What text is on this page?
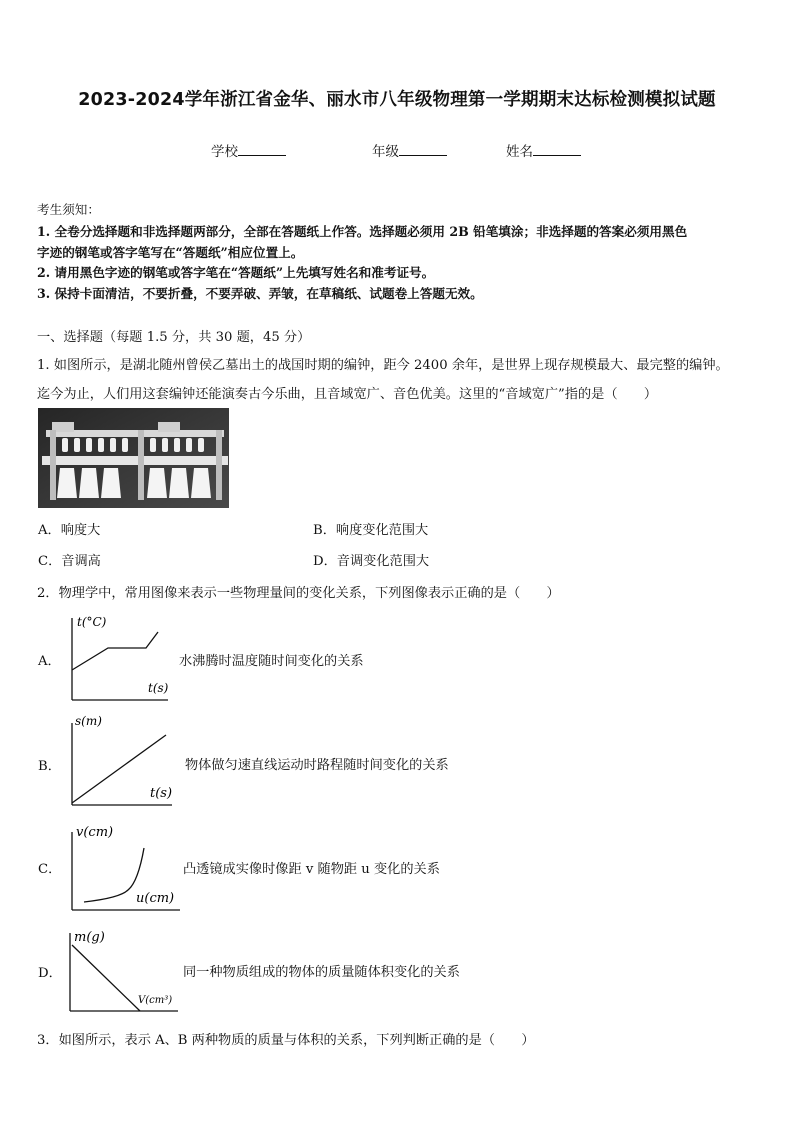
2023-2024学年浙江省金华、丽水市八年级物理第一学期期末达标检测模拟试题
学校	年级	姓名
考生须知：
1. 全卷分选择题和非选择题两部分，全部在答题纸上作答。选择题必须用 2B 铅笔填涂；非选择题的答案必须用黑色
字迹的钢笔或答字笔写在“答题纸”相应位置上。
2. 请用黑色字迹的钢笔或答字笔在“答题纸”上先填写姓名和准考证号。
3. 保持卡面清洁，不要折叠，不要弄破、弄皱，在草稿纸、试题卷上答题无效。
一、选择题（每题 1.5 分，共 30 题，45 分）
1. 如图所示，是湖北随州曾侯乙墓出土的战国时期的编钟，距今 2400 余年，是世界上现存规模最大、最完整的编钟。
迄今为止，人们用这套编钟还能演奏古今乐曲，且音域宽广、音色优美。这里的“音域宽广”指的是（　　）
A．响度大	B．响度变化范围大
C．音调高	D．音调变化范围大
2．物理学中，常用图像来表示一些物理量间的变化关系，下列图像表示正确的是（　　）
A．
t(°C)
t(s)
水沸腾时温度随时间变化的关系
B．
s(m)
t(s)
物体做匀速直线运动时路程随时间变化的关系
C．
v(cm)
u(cm)
凸透镜成实像时像距 v 随物距 u 变化的关系
D．
m(g)
V(cm³)
同一种物质组成的物体的质量随体积变化的关系
3．如图所示，表示 A、B 两种物质的质量与体积的关系，下列判断正确的是（　　）
